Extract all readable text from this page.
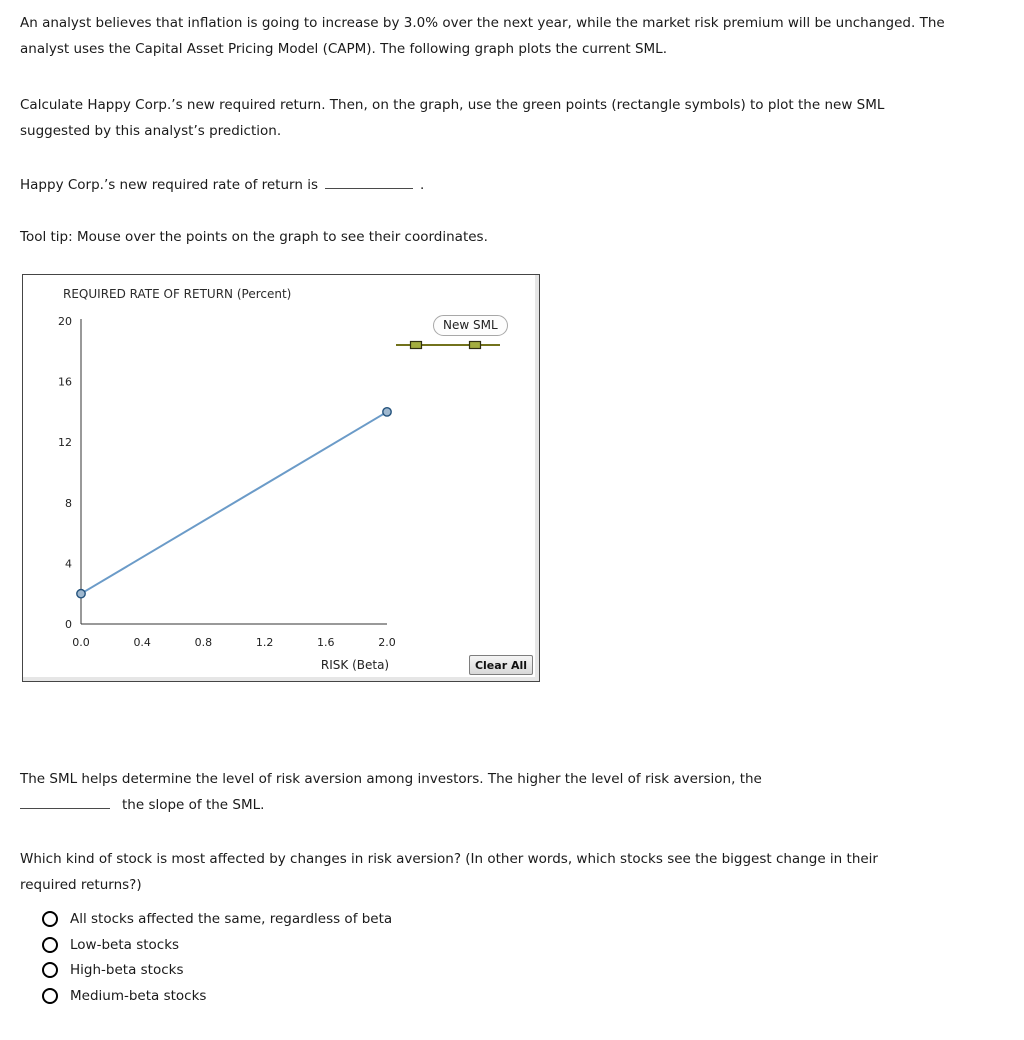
An analyst believes that inflation is going to increase by 3.0% over the next year, while the market risk premium will be unchanged. The analyst uses the Capital Asset Pricing Model (CAPM). The following graph plots the current SML.

Calculate Happy Corp.’s new required return. Then, on the graph, use the green points (rectangle symbols) to plot the new SML suggested by this analyst’s prediction.

Happy Corp.’s new required rate of return is	.
Tool tip: Mouse over the points on the graph to see their coordinates.
REQUIRED RATE OF RETURN (Percent)
0
4
8
12
16
20
0.0	0.4	0.8	1.2	1.6	2.0
RISK (Beta)
New SML
Clear All
The SML helps determine the level of risk aversion among investors. The higher the level of risk aversion, the
the slope of the SML.
Which kind of stock is most affected by changes in risk aversion? (In other words, which stocks see the biggest change in their required returns?)
All stocks affected the same, regardless of beta
Low-beta stocks
High-beta stocks
Medium-beta stocks
